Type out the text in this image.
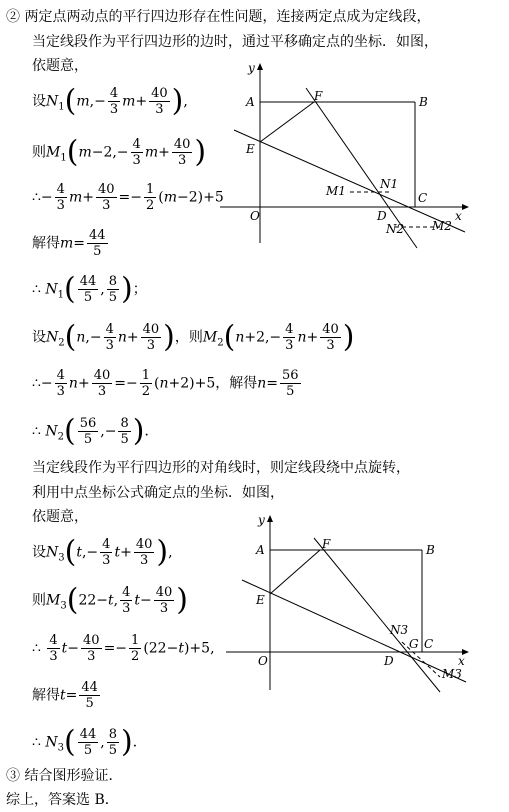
② 两定点两动点的平行四边形存在性问题，连接两定点成为定线段，
当定线段作为平行四边形的边时，通过平移确定点的坐标．如图，
依题意，
设$N_1(m,- \frac{4}{3} m+ \frac{40}{3}$ ),
则$M_1(m-2,- \frac{4}{3} m+ \frac{40}{3}$ )
∴− $\frac{4}{3} m+ \frac{40}{3} =- \frac{1}{2} (m-2)+5$
解得$m= \frac{44}{5}$
∴ $N_1( \frac{44}{5}$ , $\frac{8}{5}$ )；
设$N_2(n,- \frac{4}{3} n+ \frac{40}{3}$ )，则$M_2(n+2,- \frac{4}{3} n+ \frac{40}{3}$ )
∴− $\frac{4}{3} n+ \frac{40}{3} =- \frac{1}{2} (n+2)+5$，解得$n= \frac{56}{5}$
∴ $N_2( \frac{56}{5}$ ,− $\frac{8}{5}$ )．
当定线段作为平行四边形的对角线时，则定线段绕中点旋转，
利用中点坐标公式确定点的坐标．如图，
依题意，
设$N_3(t,- \frac{4}{3} t+ \frac{40}{3}$ ),
则$M_3(22-t$, $\frac{4}{3} t- \frac{40}{3}$ )
∴ $\frac{4}{3} t- \frac{40}{3} =- \frac{1}{2} (22-t)+5$,
解得$t= \frac{44}{5}$
∴ $N_3( \frac{44}{5}$ , $\frac{8}{5}$ )．
③ 结合图形验证．
综上，答案选 B．
y
A	F	B
E
M1	N1
C
O	D	x
N2 M2
y
A	F	B
E
N3
G C
O	D	x
M3
